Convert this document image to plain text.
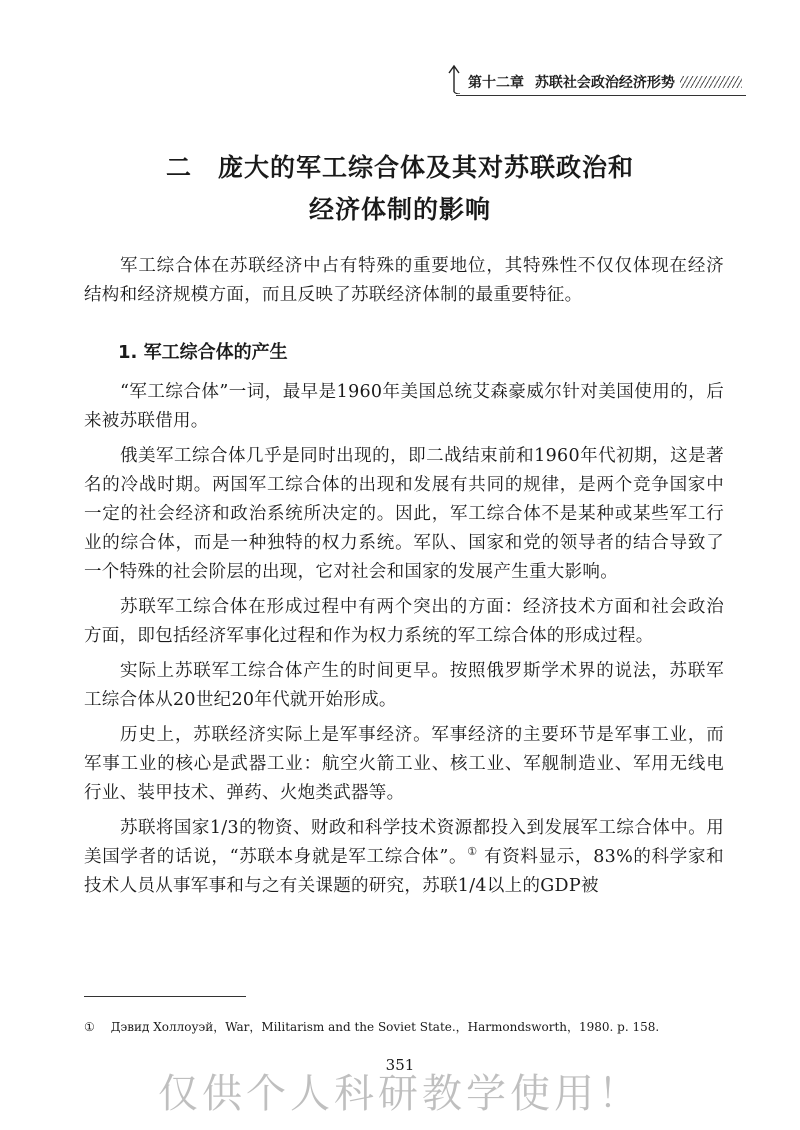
第十二章 苏联社会政治经济形势
二　庞大的军工综合体及其对苏联政治和
经济体制的影响

军工综合体在苏联经济中占有特殊的重要地位，其特殊性不仅仅体现在经济结构和经济规模方面，而且反映了苏联经济体制的最重要特征。

1. 军工综合体的产生

“军工综合体”一词，最早是1960年美国总统艾森豪威尔针对美国使用的，后来被苏联借用。

俄美军工综合体几乎是同时出现的，即二战结束前和1960年代初期，这是著名的冷战时期。两国军工综合体的出现和发展有共同的规律，是两个竞争国家中一定的社会经济和政治系统所决定的。因此，军工综合体不是某种或某些军工行业的综合体，而是一种独特的权力系统。军队、国家和党的领导者的结合导致了一个特殊的社会阶层的出现，它对社会和国家的发展产生重大影响。

苏联军工综合体在形成过程中有两个突出的方面：经济技术方面和社会政治方面，即包括经济军事化过程和作为权力系统的军工综合体的形成过程。

实际上苏联军工综合体产生的时间更早。按照俄罗斯学术界的说法，苏联军工综合体从20世纪20年代就开始形成。

历史上，苏联经济实际上是军事经济。军事经济的主要环节是军事工业，而军事工业的核心是武器工业：航空火箭工业、核工业、军舰制造业、军用无线电行业、装甲技术、弹药、火炮类武器等。

苏联将国家1/3的物资、财政和科学技术资源都投入到发展军工综合体中。用美国学者的话说，“苏联本身就是军工综合体”。① 有资料显示，83%的科学家和技术人员从事军事和与之有关课题的研究，苏联1/4以上的GDP被

① Дэвид Холлоуэй，War，Militarism and the Soviet State.，Harmondsworth，1980. p. 158.
351
仅供个人科研教学使用！
